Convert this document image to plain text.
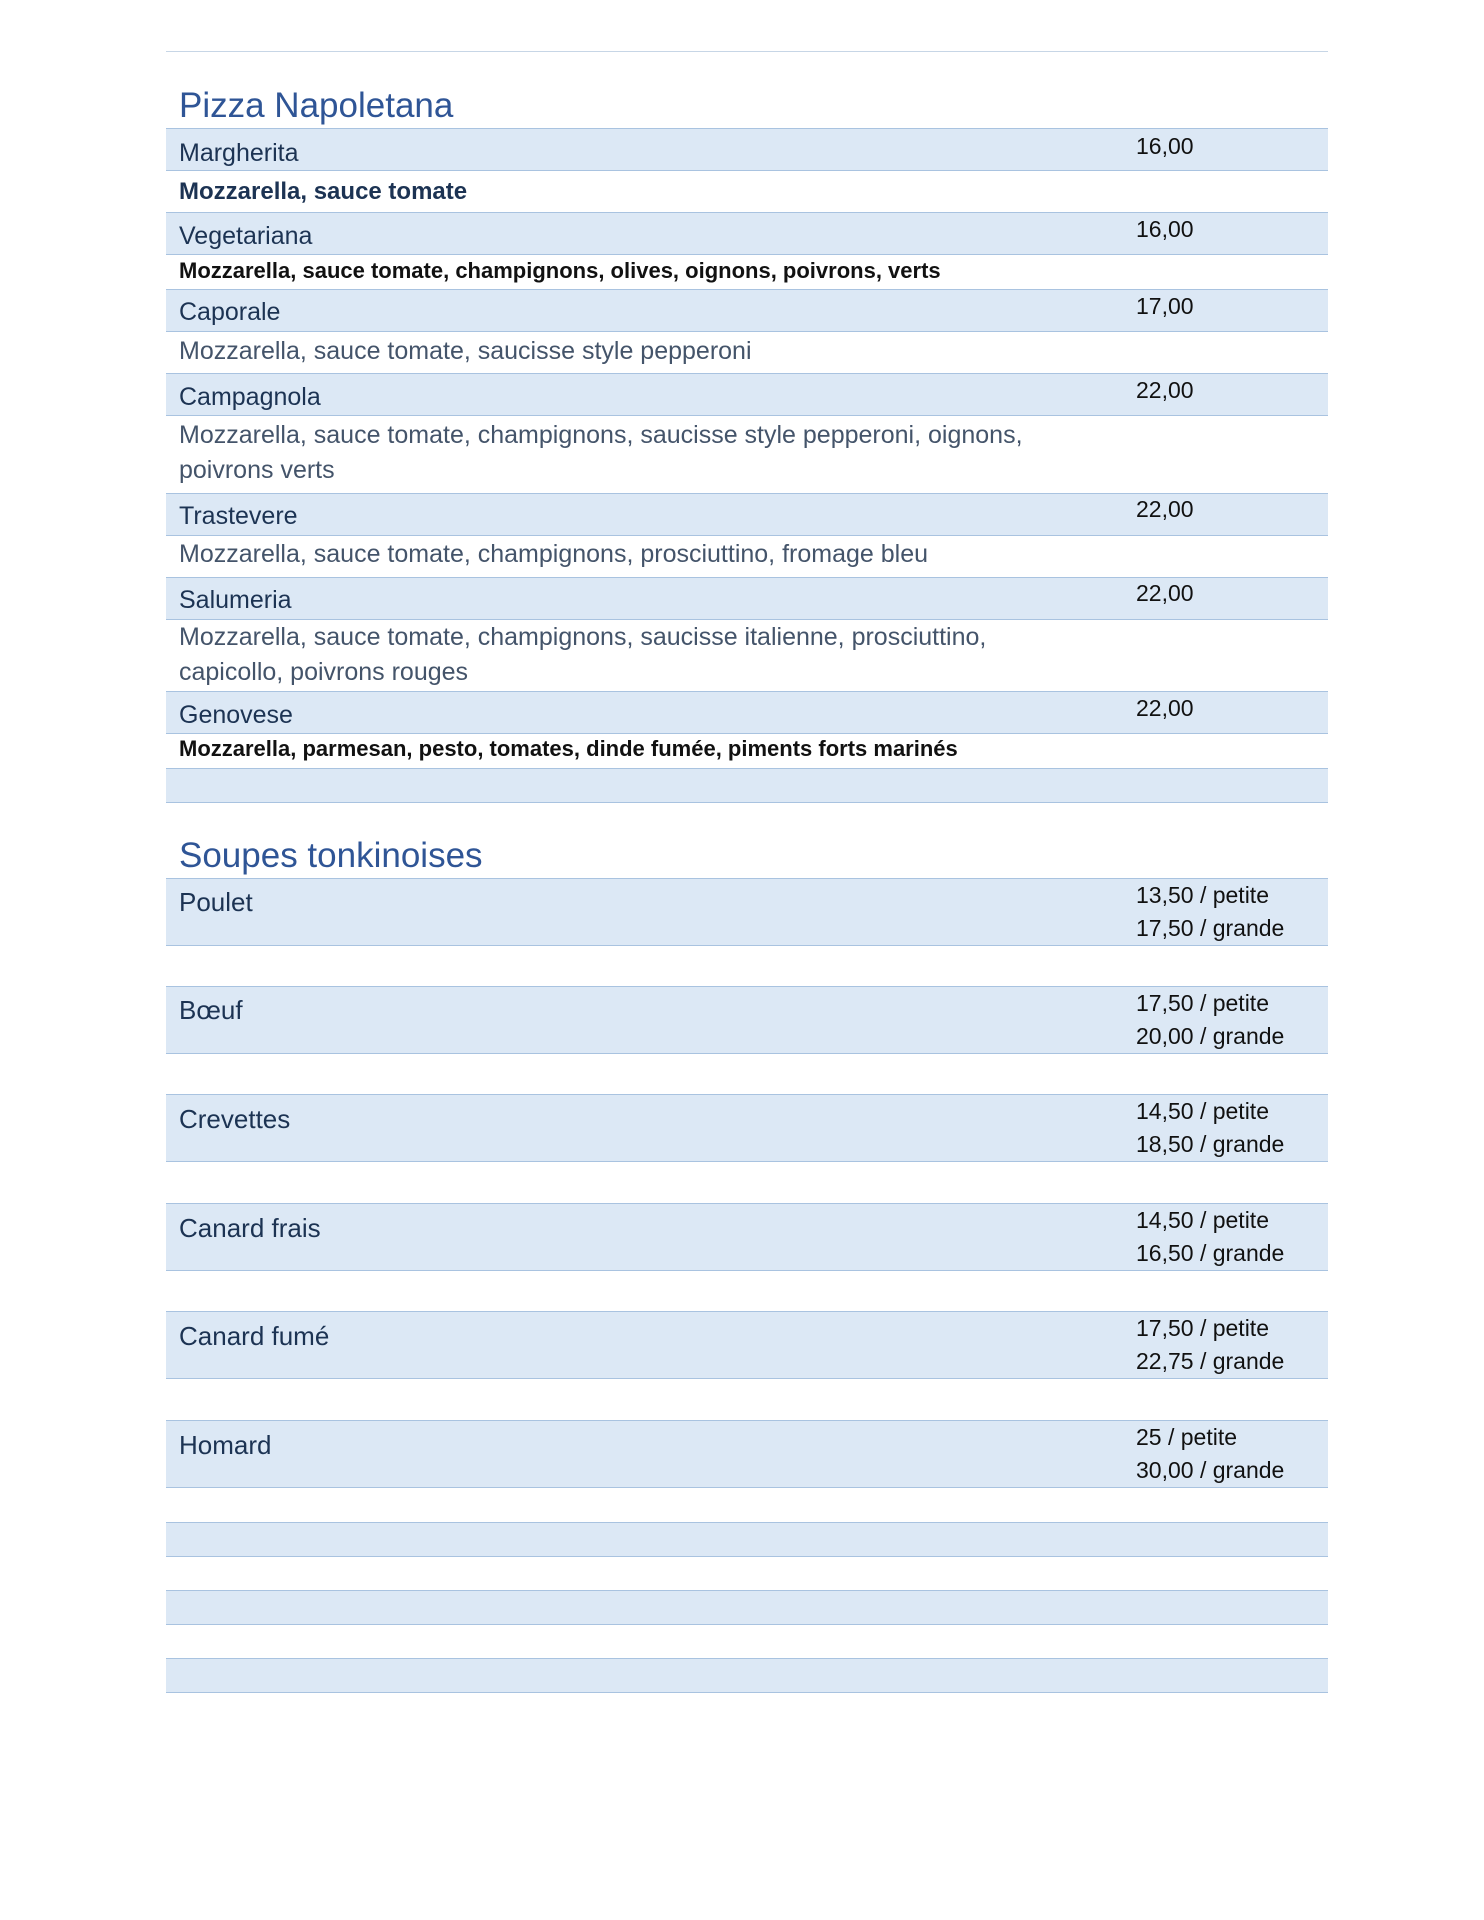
Pizza Napoletana
Margherita	16,00
Mozzarella, sauce tomate
Vegetariana	16,00
Mozzarella, sauce tomate, champignons, olives, oignons, poivrons, verts
Caporale	17,00
Mozzarella, sauce tomate, saucisse style pepperoni
Campagnola	22,00
Mozzarella, sauce tomate, champignons, saucisse style pepperoni, oignons,
poivrons verts
Trastevere	22,00
Mozzarella, sauce tomate, champignons, prosciuttino, fromage bleu
Salumeria	22,00
Mozzarella, sauce tomate, champignons, saucisse italienne, prosciuttino,
capicollo, poivrons rouges
Genovese	22,00
Mozzarella, parmesan, pesto, tomates, dinde fumée, piments forts marinés
Soupes tonkinoises
Poulet	13,50 / petite
17,50 / grande
Bœuf	17,50 / petite
20,00 / grande
Crevettes	14,50 / petite
18,50 / grande
Canard frais	14,50 / petite
16,50 / grande
Canard fumé	17,50 / petite
22,75 / grande
Homard	25 / petite
30,00 / grande
